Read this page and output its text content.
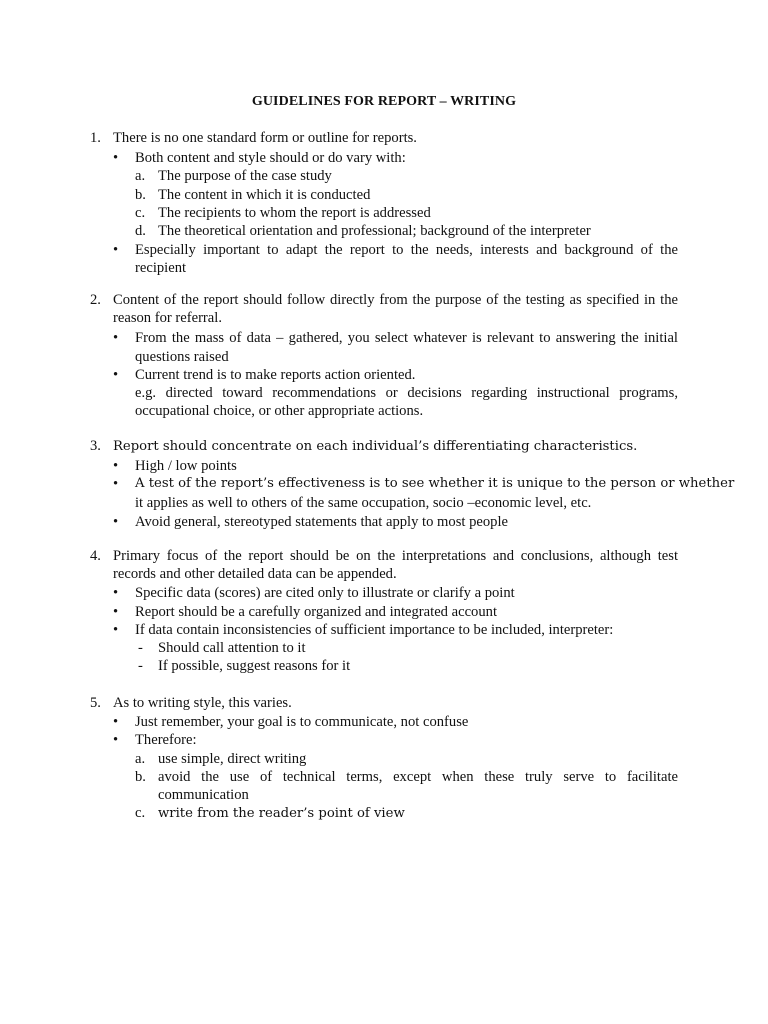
GUIDELINES FOR REPORT – WRITING
1. There is no one standard form or outline for reports.
• Both content and style should or do vary with:
a. The purpose of the case study
b. The content in which it is conducted
c. The recipients to whom the report is addressed
d. The theoretical orientation and professional; background of the interpreter
• Especially important to adapt the report to the needs, interests and background of the recipient
2. Content of the report should follow directly from the purpose of the testing as specified in the reason for referral.
• From the mass of data – gathered, you select whatever is relevant to answering the initial questions raised
• Current trend is to make reports action oriented.
e.g. directed toward recommendations or decisions regarding instructional programs, occupational choice, or other appropriate actions.
3. Report should concentrate on each individual’s differentiating characteristics.
• High / low points
• A test of the report’s effectiveness is to see whether it is unique to the person or whether
it applies as well to others of the same occupation, socio –economic level, etc.
• Avoid general, stereotyped statements that apply to most people
4. Primary focus of the report should be on the interpretations and conclusions, although test records and other detailed data can be appended.
• Specific data (scores) are cited only to illustrate or clarify a point
• Report should be a carefully organized and integrated account
• If data contain inconsistencies of sufficient importance to be included, interpreter:
- Should call attention to it
- If possible, suggest reasons for it
5. As to writing style, this varies.
• Just remember, your goal is to communicate, not confuse
• Therefore:
a. use simple, direct writing
b. avoid the use of technical terms, except when these truly serve to facilitate communication
c. write from the reader’s point of view
